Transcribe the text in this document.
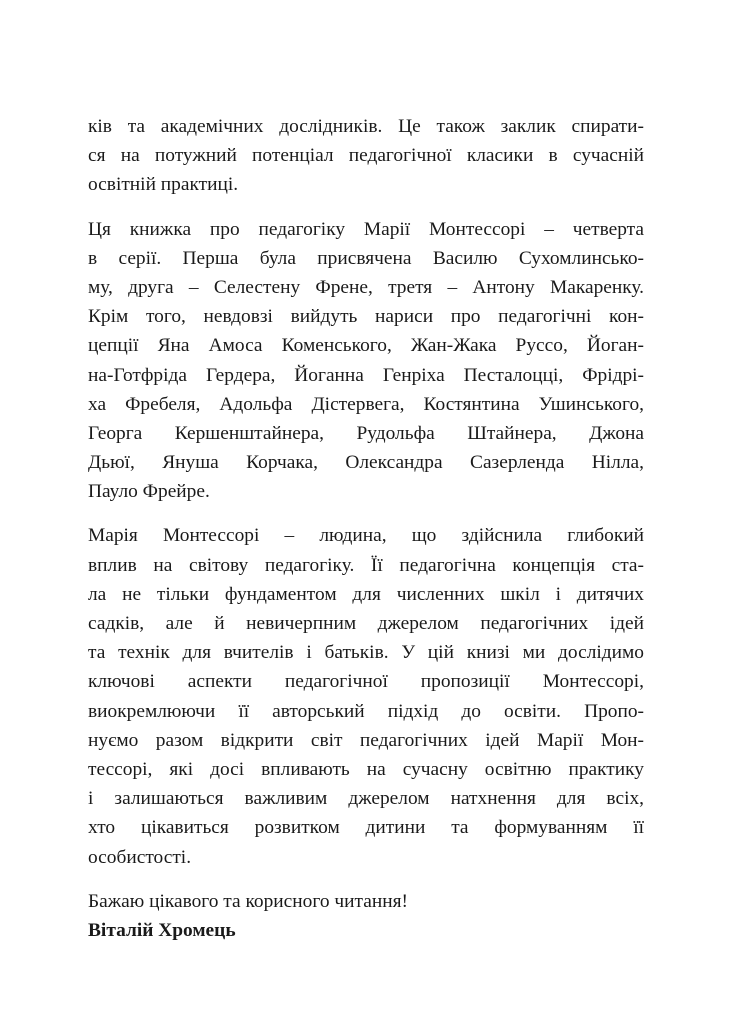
ків та академічних дослідників. Це також заклик спирати-
ся на потужний потенціал педагогічної класики в сучасній
освітній практиці.
Ця книжка про педагогіку Марії Монтессорі – четверта
в серії. Перша була присвячена Василю Сухомлинсько-
му, друга – Селестену Френе, третя – Антону Макаренку.
Крім того, невдовзі вийдуть нариси про педагогічні кон-
цепції Яна Амоса Коменського, Жан-Жака Руссо, Йоган-
на-Готфріда Гердера, Йоганна Генріха Песталоцці, Фрідрі-
ха Фребеля, Адольфа Дістервега, Костянтина Ушинського,
Георга Кершенштайнера, Рудольфа Штайнера, Джона
Дьюї, Януша Корчака, Олександра Сазерленда Нілла,
Пауло Фрейре.
Марія Монтессорі – людина, що здійснила глибокий
вплив на світову педагогіку. Її педагогічна концепція ста-
ла не тільки фундаментом для численних шкіл і дитячих
садків, але й невичерпним джерелом педагогічних ідей
та технік для вчителів і батьків. У цій книзі ми дослідимо
ключові аспекти педагогічної пропозиції Монтессорі,
виокремлюючи її авторський підхід до освіти. Пропо-
нуємо разом відкрити світ педагогічних ідей Марії Мон-
тессорі, які досі впливають на сучасну освітню практику
і залишаються важливим джерелом натхнення для всіх,
хто цікавиться розвитком дитини та формуванням її
особистості.
Бажаю цікавого та корисного читання!
Віталій Хромець
